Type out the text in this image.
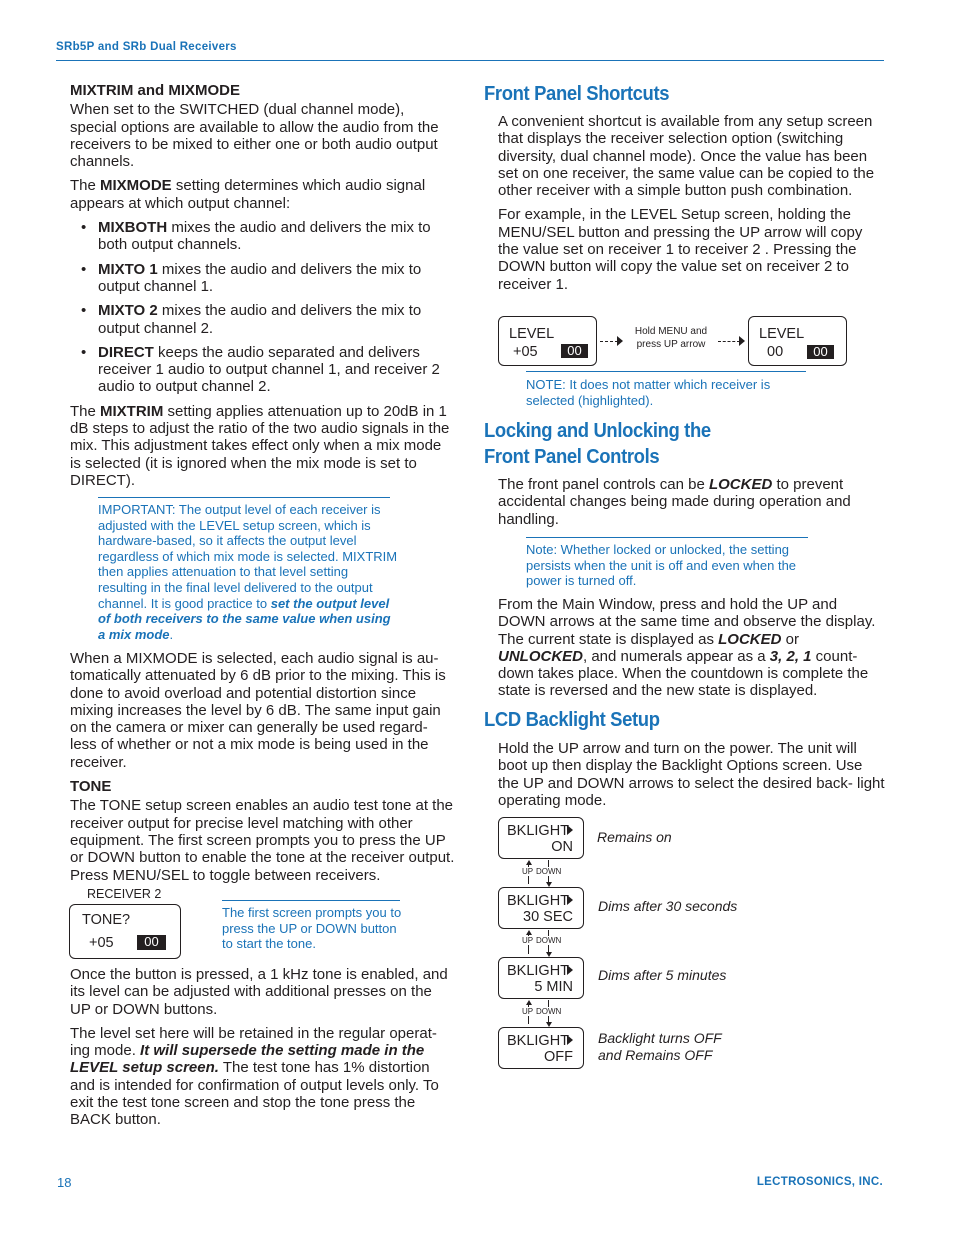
SRb5P and SRb Dual Receivers
MIXTRIM and MIXMODE

When set to the SWITCHED (dual channel mode), special options are available to allow the audio from the receivers to be mixed to either one or both audio output channels.

The MIXMODE setting determines which audio signal appears at which output channel:

• MIXBOTH mixes the audio and delivers the mix to both output channels.
• MIXTO 1 mixes the audio and delivers the mix to output channel 1.
• MIXTO 2 mixes the audio and delivers the mix to output channel 2.
• DIRECT keeps the audio separated and delivers receiver 1 audio to output channel 1, and receiver 2 audio to output channel 2.

The MIXTRIM setting applies attenuation up to 20dB in 1 dB steps to adjust the ratio of the two audio signals in the mix. This adjustment takes effect only when a mix mode is selected (it is ignored when the mix mode is set to DIRECT).

IMPORTANT: The output level of each receiver is adjusted with the LEVEL setup screen, which is hardware-based, so it affects the output level regardless of which mix mode is selected. MIXTRIM then applies attenuation to that level setting resulting in the final level delivered to the output channel. It is good practice to set the output level of both receivers to the same value when using a mix mode.

When a MIXMODE is selected, each audio signal is au- tomatically attenuated by 6 dB prior to the mixing. This is done to avoid overload and potential distortion since mixing increases the level by 6 dB. The same input gain on the camera or mixer can generally be used regard- less of whether or not a mix mode is being used in the receiver.

TONE

The TONE setup screen enables an audio test tone at the receiver output for precise level matching with other equipment. The first screen prompts you to press the UP or DOWN button to enable the tone at the receiver output. Press MENU/SEL to toggle between receivers.

RECEIVER 2
TONE?
+05	00
The first screen prompts you to press the UP or DOWN button to start the tone.

Once the button is pressed, a 1 kHz tone is enabled, and its level can be adjusted with additional presses on the UP or DOWN buttons.

The level set here will be retained in the regular operat- ing mode. It will supersede the setting made in the LEVEL setup screen. The test tone has 1% distortion and is intended for confirmation of output levels only. To exit the test tone screen and stop the tone press the BACK button.

Front Panel Shortcuts

A convenient shortcut is available from any setup screen that displays the receiver selection option (switching diversity, dual channel mode). Once the value has been set on one receiver, the same value can be copied to the other receiver with a simple button push combination.

For example, in the LEVEL Setup screen, holding the MENU/SEL button and pressing the UP arrow will copy the value set on receiver 1 to receiver 2 . Pressing the DOWN button will copy the value set on receiver 2 to receiver 1.

LEVEL
+05	00
Hold MENU and press UP arrow
LEVEL
00	00
NOTE: It does not matter which receiver is selected (highlighted).
Locking and Unlocking the
Front Panel Controls

The front panel controls can be LOCKED to prevent accidental changes being made during operation and handling.

Note: Whether locked or unlocked, the setting persists when the unit is off and even when the power is turned off.

From the Main Window, press and hold the UP and DOWN arrows at the same time and observe the display. The current state is displayed as LOCKED or UNLOCKED, and numerals appear as a 3, 2, 1 count- down takes place. When the countdown is complete the state is reversed and the new state is displayed.

LCD Backlight Setup

Hold the UP arrow and turn on the power. The unit will boot up then display the Backlight Options screen. Use the UP and DOWN arrows to select the desired back- light operating mode.

BKLIGHT
ON
Remains on
UP DOWN
BKLIGHT
30 SEC
Dims after 30 seconds
UP DOWN
BKLIGHT
5 MIN
Dims after 5 minutes
UP DOWN
BKLIGHT
OFF
Backlight turns OFF and Remains OFF
18	LECTROSONICS, INC.
